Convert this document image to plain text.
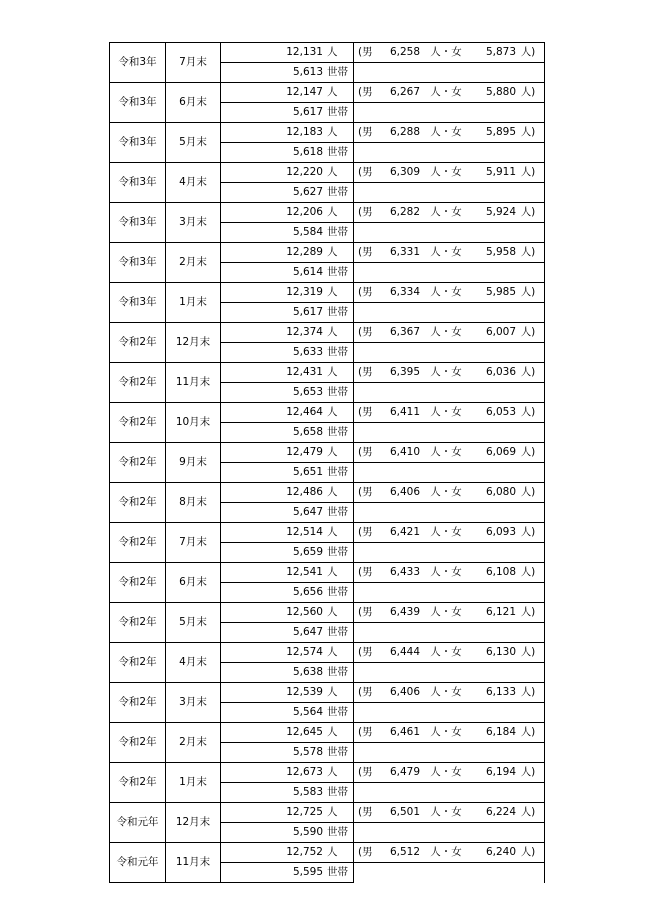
令和3年	7月末	12,131 人	(男 6,258 人・女 5,873 人)
		5,613 世帯	
令和3年	6月末	12,147 人	(男 6,267 人・女 5,880 人)
		5,617 世帯	
令和3年	5月末	12,183 人	(男 6,288 人・女 5,895 人)
		5,618 世帯	
令和3年	4月末	12,220 人	(男 6,309 人・女 5,911 人)
		5,627 世帯	
令和3年	3月末	12,206 人	(男 6,282 人・女 5,924 人)
		5,584 世帯	
令和3年	2月末	12,289 人	(男 6,331 人・女 5,958 人)
		5,614 世帯	
令和3年	1月末	12,319 人	(男 6,334 人・女 5,985 人)
		5,617 世帯	
令和2年	12月末	12,374 人	(男 6,367 人・女 6,007 人)
		5,633 世帯	
令和2年	11月末	12,431 人	(男 6,395 人・女 6,036 人)
		5,653 世帯	
令和2年	10月末	12,464 人	(男 6,411 人・女 6,053 人)
		5,658 世帯	
令和2年	9月末	12,479 人	(男 6,410 人・女 6,069 人)
		5,651 世帯	
令和2年	8月末	12,486 人	(男 6,406 人・女 6,080 人)
		5,647 世帯	
令和2年	7月末	12,514 人	(男 6,421 人・女 6,093 人)
		5,659 世帯	
令和2年	6月末	12,541 人	(男 6,433 人・女 6,108 人)
		5,656 世帯	
令和2年	5月末	12,560 人	(男 6,439 人・女 6,121 人)
		5,647 世帯	
令和2年	4月末	12,574 人	(男 6,444 人・女 6,130 人)
		5,638 世帯	
令和2年	3月末	12,539 人	(男 6,406 人・女 6,133 人)
		5,564 世帯	
令和2年	2月末	12,645 人	(男 6,461 人・女 6,184 人)
		5,578 世帯	
令和2年	1月末	12,673 人	(男 6,479 人・女 6,194 人)
		5,583 世帯	
令和元年	12月末	12,725 人	(男 6,501 人・女 6,224 人)
		5,590 世帯	
令和元年	11月末	12,752 人	(男 6,512 人・女 6,240 人)
		5,595 世帯	
